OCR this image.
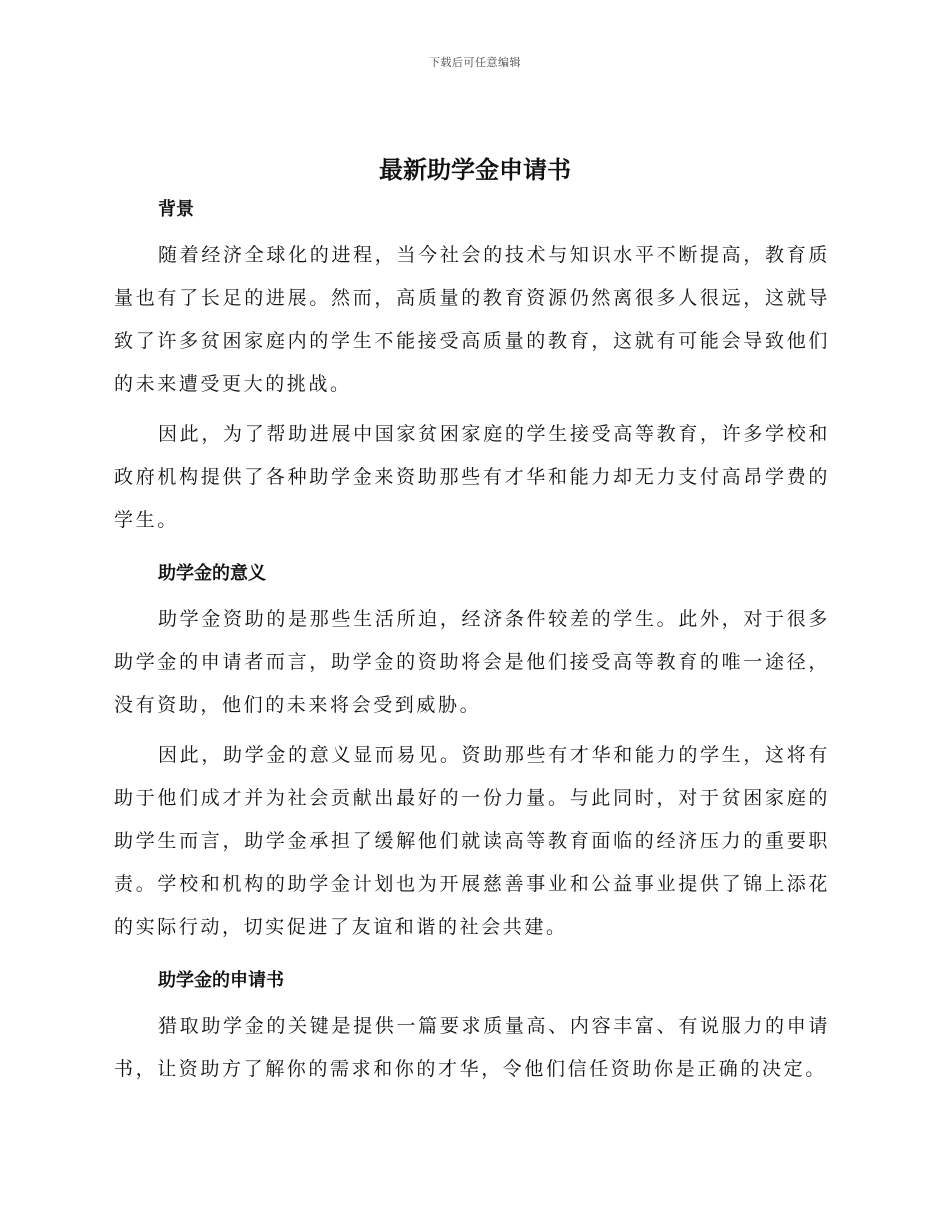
下载后可任意编辑
最新助学金申请书
背景

随着经济全球化的进程，当今社会的技术与知识水平不断提高，教育质量也有了长足的进展。然而，高质量的教育资源仍然离很多人很远，这就导致了许多贫困家庭内的学生不能接受高质量的教育，这就有可能会导致他们的未来遭受更大的挑战。

因此，为了帮助进展中国家贫困家庭的学生接受高等教育，许多学校和政府机构提供了各种助学金来资助那些有才华和能力却无力支付高昂学费的学生。

助学金的意义

助学金资助的是那些生活所迫，经济条件较差的学生。此外，对于很多助学金的申请者而言，助学金的资助将会是他们接受高等教育的唯一途径，没有资助，他们的未来将会受到威胁。

因此，助学金的意义显而易见。资助那些有才华和能力的学生，这将有助于他们成才并为社会贡献出最好的一份力量。与此同时，对于贫困家庭的助学生而言，助学金承担了缓解他们就读高等教育面临的经济压力的重要职责。学校和机构的助学金计划也为开展慈善事业和公益事业提供了锦上添花的实际行动，切实促进了友谊和谐的社会共建。

助学金的申请书

猎取助学金的关键是提供一篇要求质量高、内容丰富、有说服力的申请书，让资助方了解你的需求和你的才华，令他们信任资助你是正确的决定。
